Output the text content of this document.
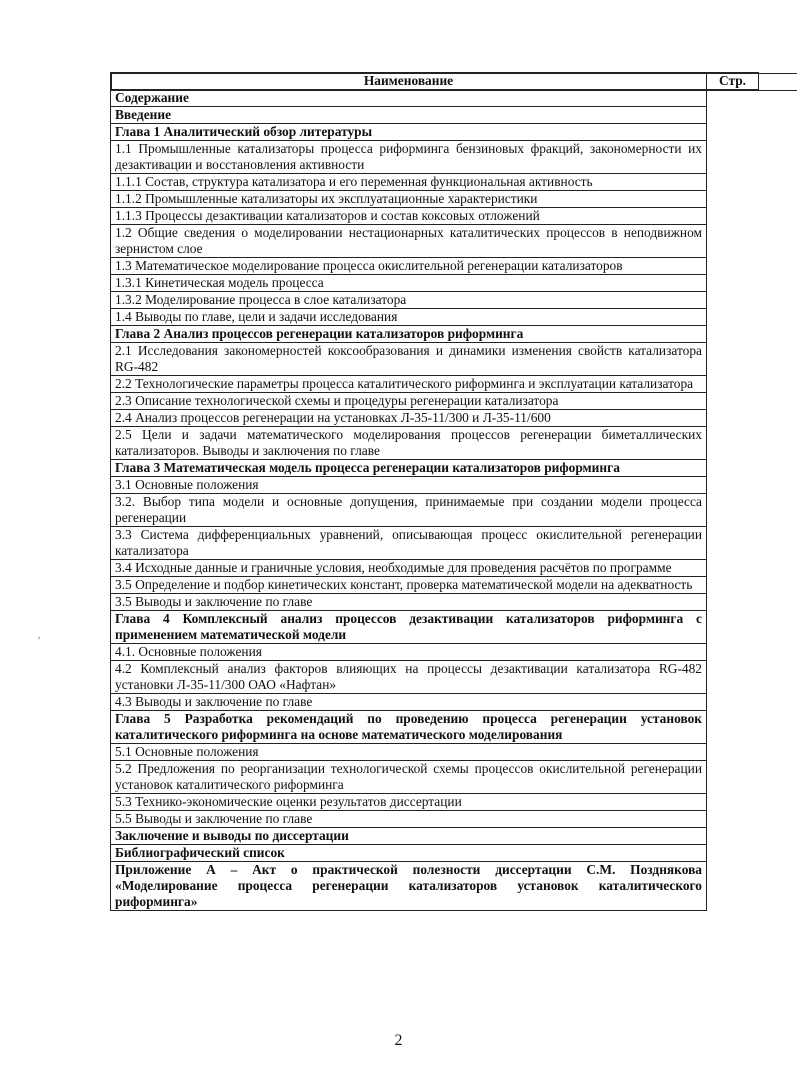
,
Наименование	Стр.
Содержание	

Введение	

Глава 1 Аналитический обзор литературы	

1.1 Промышленные катализаторы процесса риформинга бензиновых фракций, закономерности их дезактивации и восстановления активности	

1.1.1 Состав, структура катализатора и его переменная функциональная активность	

1.1.2 Промышленные катализаторы их эксплуатационные характеристики	

1.1.3 Процессы дезактивации катализаторов и состав коксовых отложений	

1.2 Общие сведения о моделировании нестационарных каталитических процессов в неподвижном зернистом слое	

1.3 Математическое моделирование процесса окислительной регенерации катализаторов	

1.3.1 Кинетическая модель процесса	

1.3.2 Моделирование процесса в слое катализатора	

1.4 Выводы по главе, цели и задачи исследования	

Глава 2 Анализ процессов регенерации катализаторов риформинга	

2.1 Исследования закономерностей коксообразования и динамики изменения свойств катализатора RG-482	

2.2 Технологические параметры процесса каталитического риформинга и эксплуатации катализатора	

2.3 Описание технологической схемы и процедуры регенерации катализатора	

2.4 Анализ процессов регенерации на установках Л-35-11/300 и Л-35-11/600	

2.5 Цели и задачи математического моделирования процессов регенерации биметаллических катализаторов. Выводы и заключения по главе	

Глава 3 Математическая модель процесса регенерации катализаторов риформинга	

3.1 Основные положения	

3.2. Выбор типа модели и основные допущения, принимаемые при создании модели процесса регенерации	

3.3 Система дифференциальных уравнений, описывающая процесс окислительной регенерации катализатора	

3.4 Исходные данные и граничные условия, необходимые для проведения расчётов по программе	

3.5 Определение и подбор кинетических констант, проверка математической модели на адекватность	

3.5 Выводы и заключение по главе	

Глава 4 Комплексный анализ процессов дезактивации катализаторов риформинга с применением математической модели	

4.1. Основные положения	

4.2 Комплексный анализ факторов влияющих на процессы дезактивации катализатора RG-482 установки Л-35-11/300 ОАО «Нафтан»	

4.3 Выводы и заключение по главе	

Глава 5 Разработка рекомендаций по проведению процесса регенерации установок каталитического риформинга на основе математического моделирования	

5.1 Основные положения	

5.2 Предложения по реорганизации технологической схемы процессов окислительной регенерации установок каталитического риформинга	

5.3 Технико-экономические оценки результатов диссертации	

5.5 Выводы и заключение по главе	

Заключение и выводы по диссертации	

Библиографический список	

Приложение А – Акт о практической полезности диссертации С.М. Позднякова «Моделирование процесса регенерации катализаторов установок каталитического риформинга»	
2
